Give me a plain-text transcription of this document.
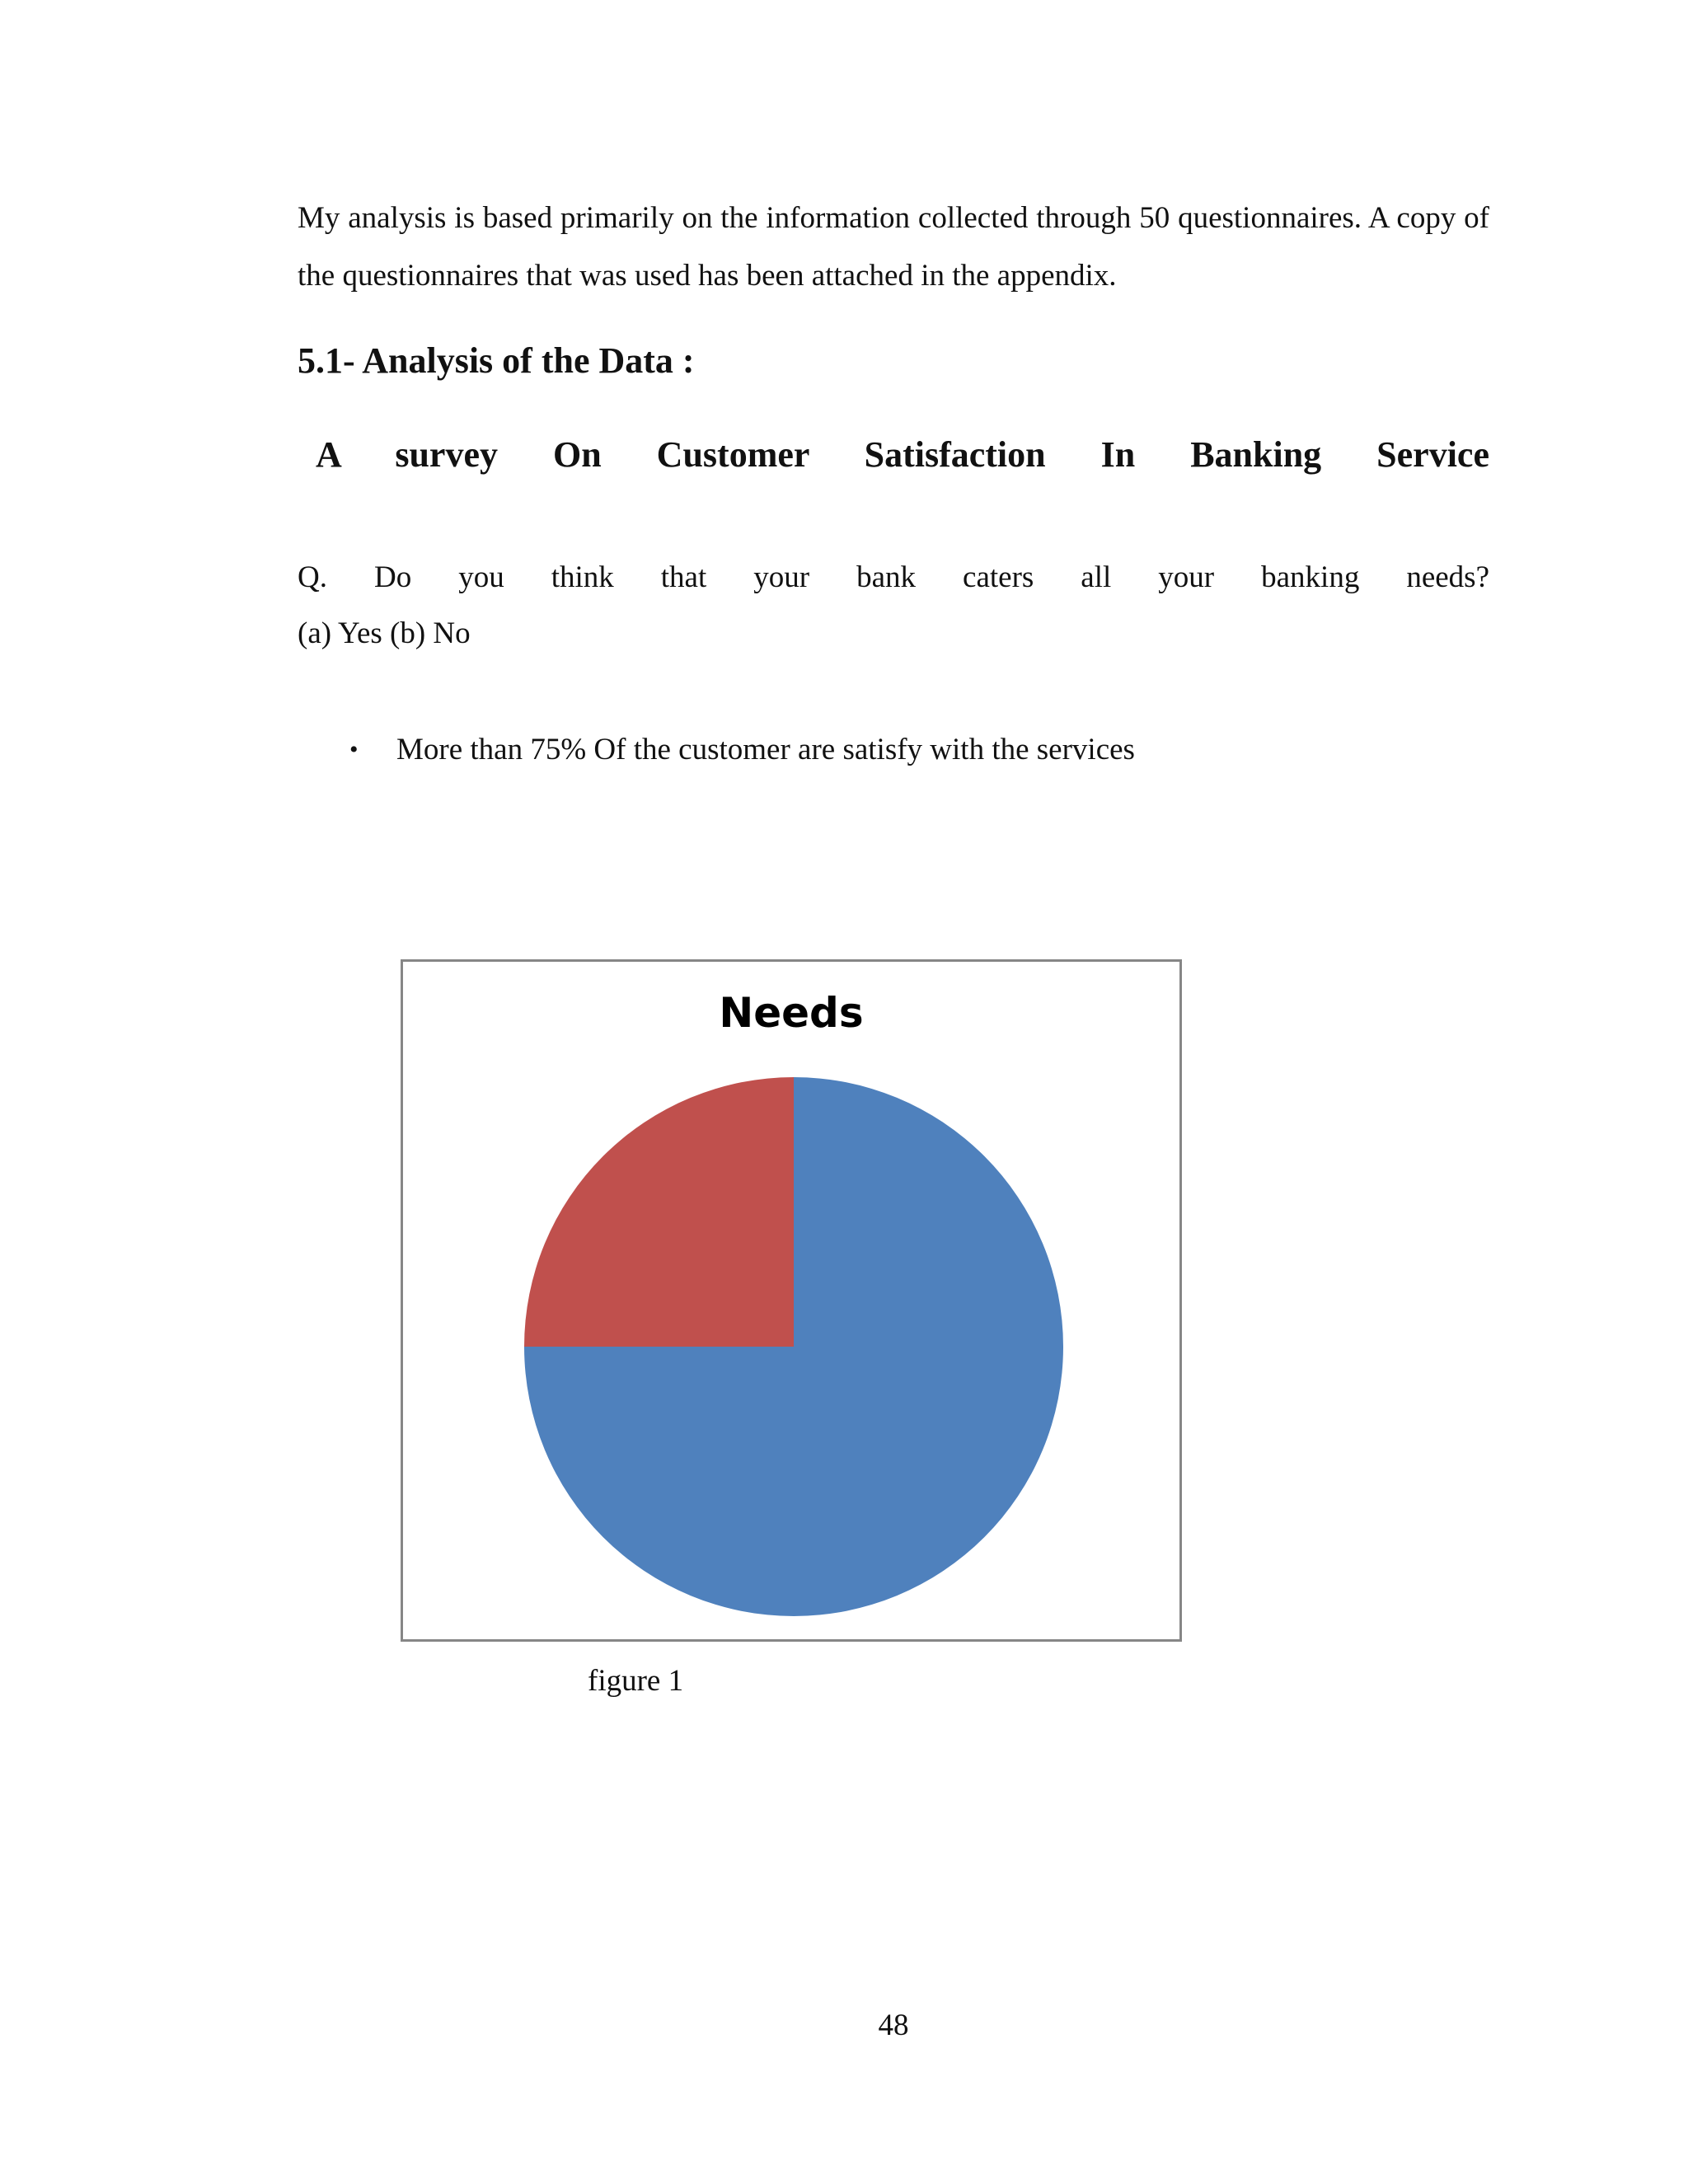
My analysis is based primarily on the information collected through 50 questionnaires. A copy of the questionnaires that was used has been attached in the appendix.

5.1- Analysis of the Data :
A survey On Customer Satisfaction In Banking Service

Q. Do you think that your bank caters all your banking needs?

(a) Yes (b) No

• More than 75% Of the customer are satisfy with the services
Needs

figure 1

48
